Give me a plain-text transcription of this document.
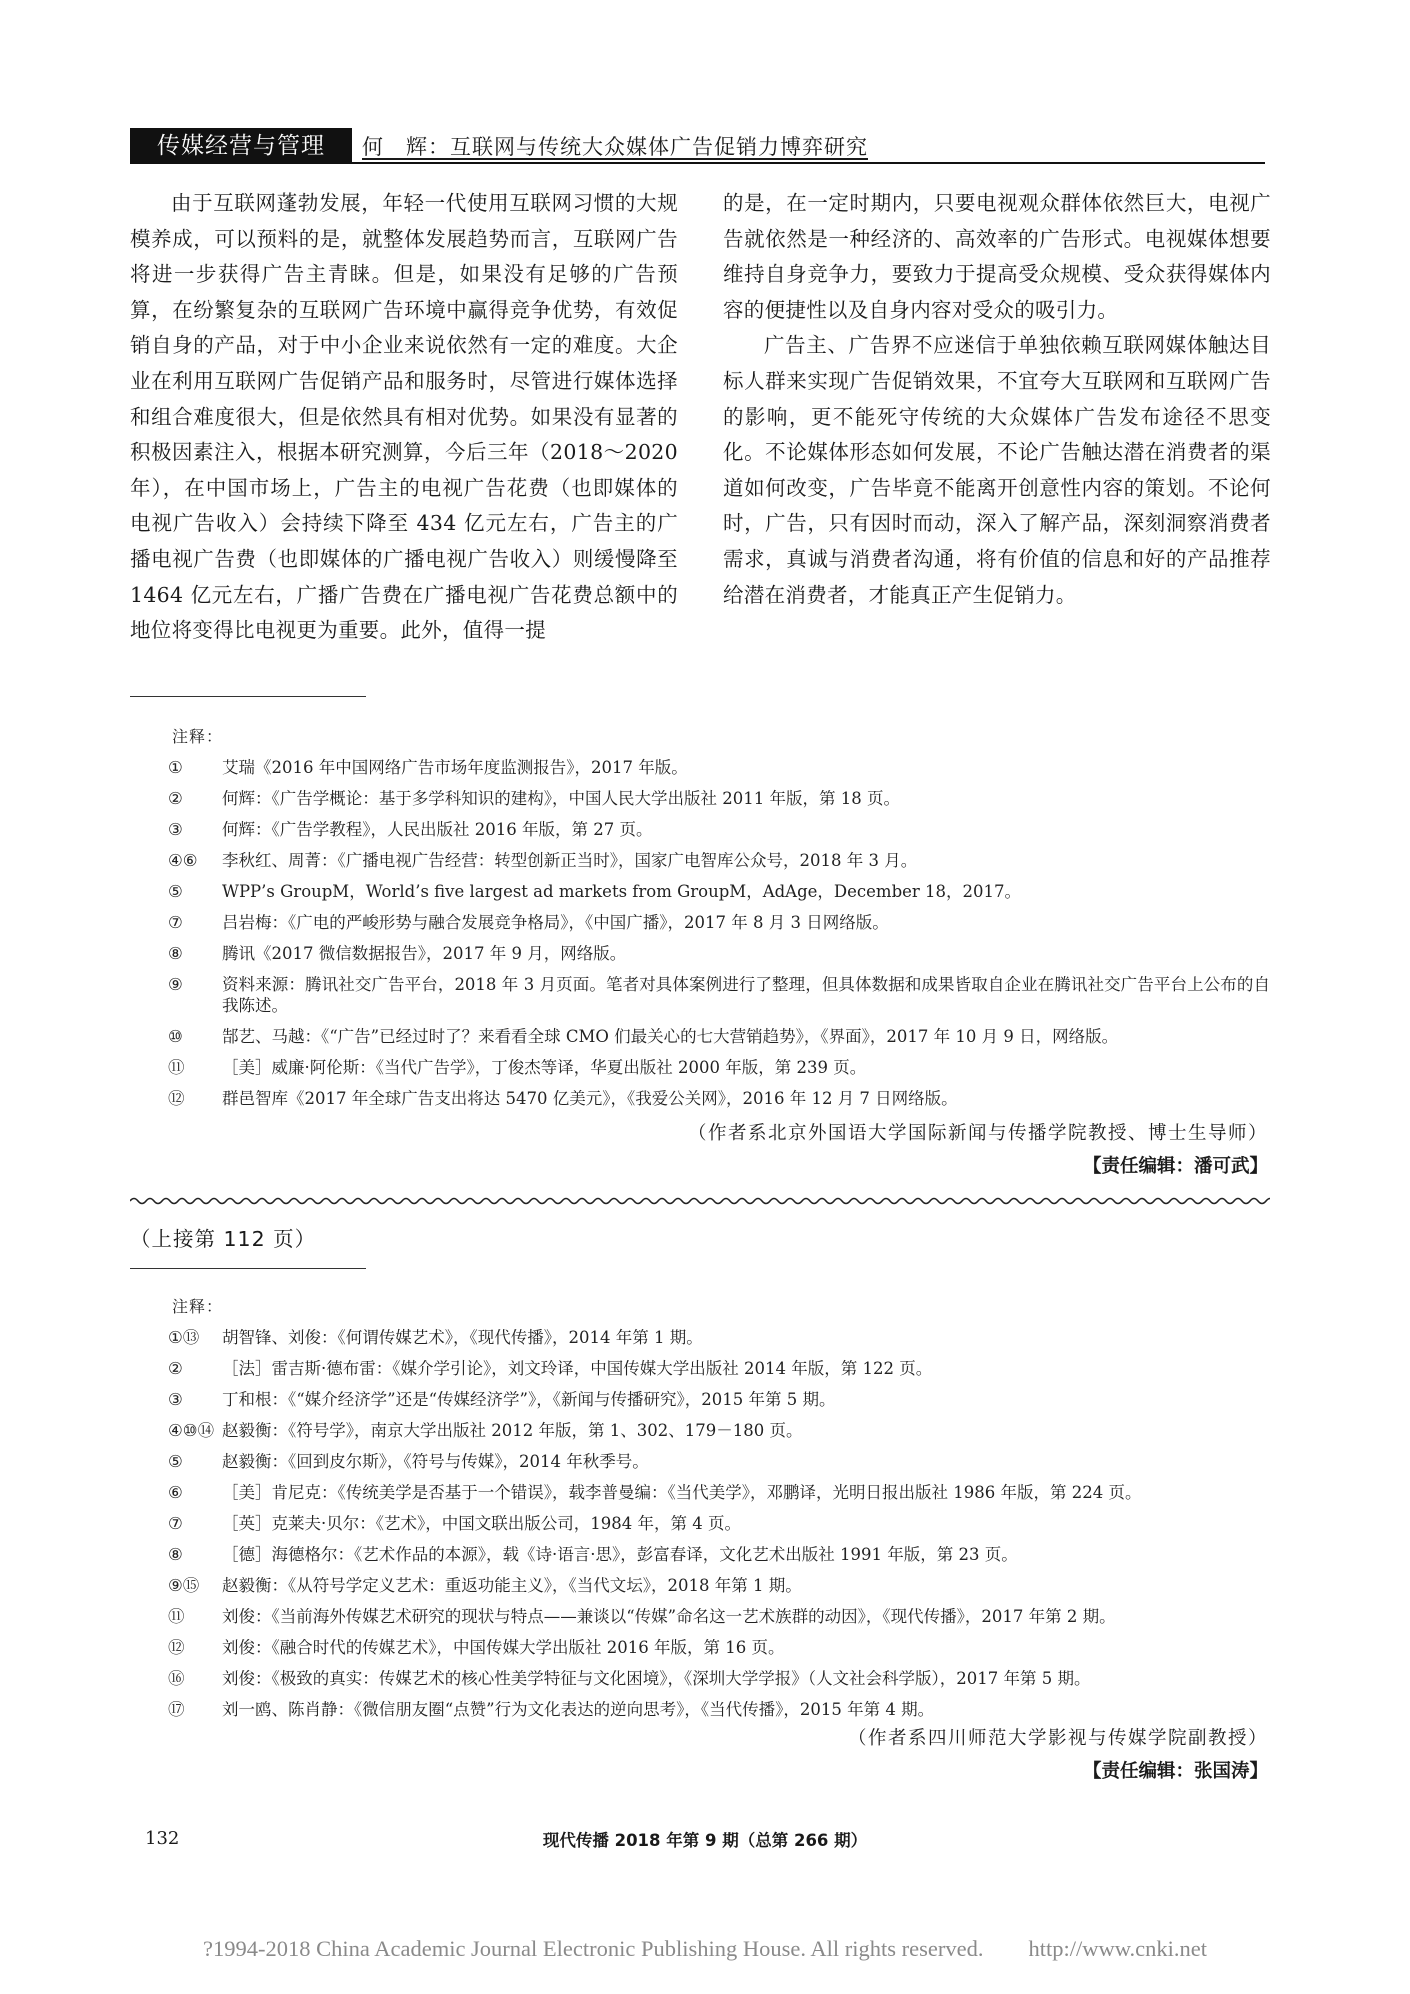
传媒经营与管理	何　辉：互联网与传统大众媒体广告促销力博弈研究

由于互联网蓬勃发展，年轻一代使用互联网习惯的大规模养成，可以预料的是，就整体发展趋势而言，互联网广告将进一步获得广告主青睐。但是，如果没有足够的广告预算，在纷繁复杂的互联网广告环境中赢得竞争优势，有效促销自身的产品，对于中小企业来说依然有一定的难度。大企业在利用互联网广告促销产品和服务时，尽管进行媒体选择和组合难度很大，但是依然具有相对优势。如果没有显著的积极因素注入，根据本研究测算，今后三年（2018～2020 年），在中国市场上，广告主的电视广告花费（也即媒体的电视广告收入）会持续下降至 434 亿元左右，广告主的广播电视广告费（也即媒体的广播电视广告收入）则缓慢降至 1464 亿元左右，广播广告费在广播电视广告花费总额中的地位将变得比电视更为重要。此外，值得一提

的是，在一定时期内，只要电视观众群体依然巨大，电视广告就依然是一种经济的、高效率的广告形式。电视媒体想要维持自身竞争力，要致力于提高受众规模、受众获得媒体内容的便捷性以及自身内容对受众的吸引力。

广告主、广告界不应迷信于单独依赖互联网媒体触达目标人群来实现广告促销效果，不宜夸大互联网和互联网广告的影响，更不能死守传统的大众媒体广告发布途径不思变化。不论媒体形态如何发展，不论广告触达潜在消费者的渠道如何改变，广告毕竟不能离开创意性内容的策划。不论何时，广告，只有因时而动，深入了解产品，深刻洞察消费者需求，真诚与消费者沟通，将有价值的信息和好的产品推荐给潜在消费者，才能真正产生促销力。

注释：
①	艾瑞《2016 年中国网络广告市场年度监测报告》，2017 年版。
②	何辉：《广告学概论：基于多学科知识的建构》，中国人民大学出版社 2011 年版，第 18 页。
③	何辉：《广告学教程》，人民出版社 2016 年版，第 27 页。
④⑥	李秋红、周菁：《广播电视广告经营：转型创新正当时》，国家广电智库公众号，2018 年 3 月。
⑤	WPP’s GroupM，World’s five largest ad markets from GroupM，AdAge，December 18，2017。
⑦	吕岩梅：《广电的严峻形势与融合发展竞争格局》，《中国广播》，2017 年 8 月 3 日网络版。
⑧	腾讯《2017 微信数据报告》，2017 年 9 月，网络版。
⑨	资料来源：腾讯社交广告平台，2018 年 3 月页面。笔者对具体案例进行了整理，但具体数据和成果皆取自企业在腾讯社交广告平台上公布的自我陈述。
⑩	郜艺、马越：《“广告”已经过时了？来看看全球 CMO 们最关心的七大营销趋势》，《界面》，2017 年 10 月 9 日，网络版。
⑪	［美］威廉·阿伦斯：《当代广告学》，丁俊杰等译，华夏出版社 2000 年版，第 239 页。
⑫	群邑智库《2017 年全球广告支出将达 5470 亿美元》，《我爱公关网》，2016 年 12 月 7 日网络版。
（作者系北京外国语大学国际新闻与传播学院教授、博士生导师）
【责任编辑：潘可武】
（上接第 112 页）
注释：
①⑬	胡智锋、刘俊：《何谓传媒艺术》，《现代传播》，2014 年第 1 期。
②	［法］雷吉斯·德布雷：《媒介学引论》，刘文玲译，中国传媒大学出版社 2014 年版，第 122 页。
③	丁和根：《“媒介经济学”还是“传媒经济学”》，《新闻与传播研究》，2015 年第 5 期。
④⑩⑭ 赵毅衡：《符号学》，南京大学出版社 2012 年版，第 1、302、179－180 页。
⑤	赵毅衡：《回到皮尔斯》，《符号与传媒》，2014 年秋季号。
⑥	［美］肯尼克：《传统美学是否基于一个错误》，载李普曼编：《当代美学》，邓鹏译，光明日报出版社 1986 年版，第 224 页。
⑦	［英］克莱夫·贝尔：《艺术》，中国文联出版公司，1984 年，第 4 页。
⑧	［德］海德格尔：《艺术作品的本源》，载《诗·语言·思》，彭富春译，文化艺术出版社 1991 年版，第 23 页。
⑨⑮	赵毅衡：《从符号学定义艺术：重返功能主义》，《当代文坛》，2018 年第 1 期。
⑪	刘俊：《当前海外传媒艺术研究的现状与特点——兼谈以“传媒”命名这一艺术族群的动因》，《现代传播》，2017 年第 2 期。
⑫	刘俊：《融合时代的传媒艺术》，中国传媒大学出版社 2016 年版，第 16 页。
⑯	刘俊：《极致的真实：传媒艺术的核心性美学特征与文化困境》，《深圳大学学报》（人文社会科学版），2017 年第 5 期。
⑰	刘一鸥、陈肖静：《微信朋友圈“点赞”行为文化表达的逆向思考》，《当代传播》，2015 年第 4 期。
（作者系四川师范大学影视与传媒学院副教授）
【责任编辑：张国涛】
132	现代传播 2018 年第 9 期（总第 266 期）
?1994-2018 China Academic Journal Electronic Publishing House. All rights reserved.　　http://www.cnki.net
